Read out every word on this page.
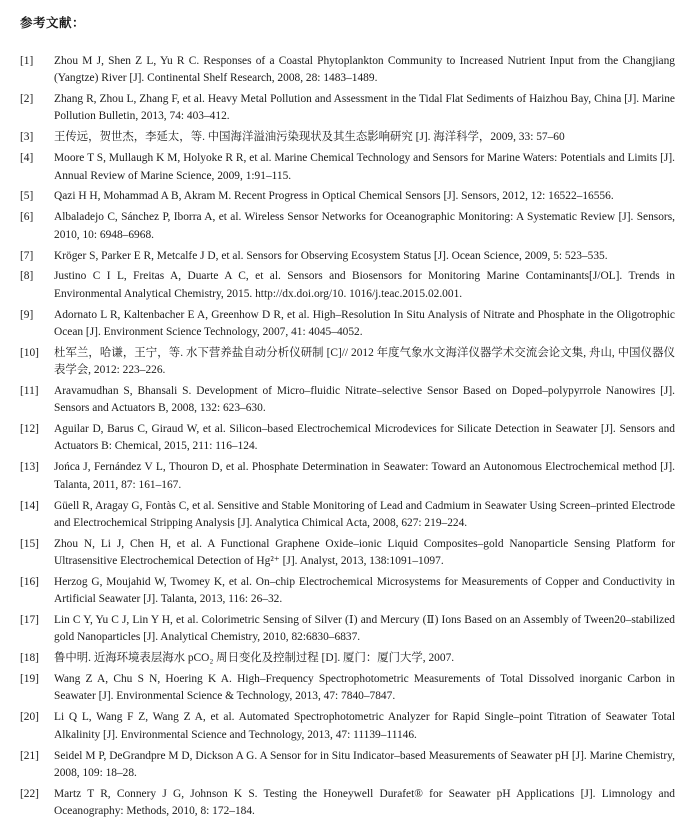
参考文献：
[1]	Zhou M J, Shen Z L, Yu R C. Responses of a Coastal Phytoplankton Community to Increased Nutrient Input from the Changjiang (Yangtze) River [J]. Continental Shelf Research, 2008, 28: 1483–1489.
[2]	Zhang R, Zhou L, Zhang F, et al. Heavy Metal Pollution and Assessment in the Tidal Flat Sediments of Haizhou Bay, China [J]. Marine Pollution Bulletin, 2013, 74: 403–412.
[3]	王传远，贺世杰，李延太，等. 中国海洋溢油污染现状及其生态影响研究 [J]. 海洋科学，2009, 33: 57–60
[4]	Moore T S, Mullaugh K M, Holyoke R R, et al. Marine Chemical Technology and Sensors for Marine Waters: Potentials and Limits [J]. Annual Review of Marine Science, 2009, 1:91–115.
[5]	Qazi H H, Mohammad A B, Akram M. Recent Progress in Optical Chemical Sensors [J]. Sensors, 2012, 12: 16522–16556.
[6]	Albaladejo C, Sánchez P, Iborra A, et al. Wireless Sensor Networks for Oceanographic Monitoring: A Systematic Review [J]. Sensors, 2010, 10: 6948–6968.
[7]	Kröger S, Parker E R, Metcalfe J D, et al. Sensors for Observing Ecosystem Status [J]. Ocean Science, 2009, 5: 523–535.
[8]	Justino C I L, Freitas A, Duarte A C, et al. Sensors and Biosensors for Monitoring Marine Contaminants[J/OL]. Trends in Environmental Analytical Chemistry, 2015. http://dx.doi.org/10. 1016/j.teac.2015.02.001.
[9]	Adornato L R, Kaltenbacher E A, Greenhow D R, et al. High–Resolution In Situ Analysis of Nitrate and Phosphate in the Oligotrophic Ocean [J]. Environment Science Technology, 2007, 41: 4045–4052.
[10]	杜军兰，哈谦，王宁，等. 水下营养盐自动分析仪研制 [C]// 2012 年度气象水文海洋仪器学术交流会论文集, 舟山, 中国仪器仪表学会, 2012: 223–226.
[11]	Aravamudhan S, Bhansali S. Development of Micro–fluidic Nitrate–selective Sensor Based on Doped–polypyrrole Nanowires [J]. Sensors and Actuators B, 2008, 132: 623–630.
[12]	Aguilar D, Barus C, Giraud W, et al. Silicon–based Electrochemical Microdevices for Silicate Detection in Seawater [J]. Sensors and Actuators B: Chemical, 2015, 211: 116–124.
[13]	Jońca J, Fernández V L, Thouron D, et al. Phosphate Determination in Seawater: Toward an Autonomous Electrochemical method [J]. Talanta, 2011, 87: 161–167.
[14]	Güell R, Aragay G, Fontàs C, et al. Sensitive and Stable Monitoring of Lead and Cadmium in Seawater Using Screen–printed Electrode and Electrochemical Stripping Analysis [J]. Analytica Chimical Acta, 2008, 627: 219–224.
[15]	Zhou N, Li J, Chen H, et al. A Functional Graphene Oxide–ionic Liquid Composites–gold Nanoparticle Sensing Platform for Ultrasensitive Electrochemical Detection of Hg²⁺ [J]. Analyst, 2013, 138:1091–1097.
[16]	Herzog G, Moujahid W, Twomey K, et al. On–chip Electrochemical Microsystems for Measurements of Copper and Conductivity in Artificial Seawater [J]. Talanta, 2013, 116: 26–32.
[17]	Lin C Y, Yu C J, Lin Y H, et al. Colorimetric Sensing of Silver (Ⅰ) and Mercury (Ⅱ) Ions Based on an Assembly of Tween20–stabilized gold Nanoparticles [J]. Analytical Chemistry, 2010, 82:6830–6837.
[18]	鲁中明. 近海环境表层海水 pCO₂ 周日变化及控制过程 [D]. 厦门：厦门大学, 2007.
[19]	Wang Z A, Chu S N, Hoering K A. High–Frequency Spectrophotometric Measurements of Total Dissolved inorganic Carbon in Seawater [J]. Environmental Science & Technology, 2013, 47: 7840–7847.
[20]	Li Q L, Wang F Z, Wang Z A, et al. Automated Spectrophotometric Analyzer for Rapid Single–point Titration of Seawater Total Alkalinity [J]. Environmental Science and Technology, 2013, 47: 11139–11146.
[21]	Seidel M P, DeGrandpre M D, Dickson A G. A Sensor for in Situ Indicator–based Measurements of Seawater pH [J]. Marine Chemistry, 2008, 109: 18–28.
[22]	Martz T R, Connery J G, Johnson K S. Testing the Honeywell Durafet® for Seawater pH Applications [J]. Limnology and Oceanography: Methods, 2010, 8: 172–184.
